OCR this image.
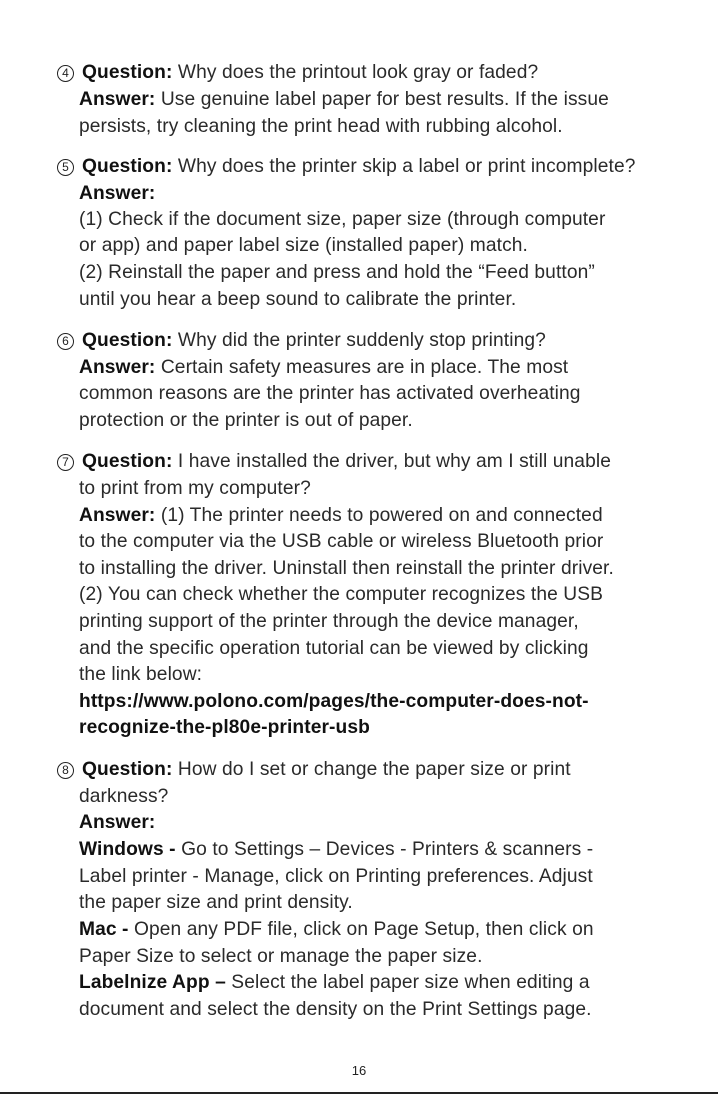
4 Question: Why does the printout look gray or faded?
Answer: Use genuine label paper for best results. If the issue
persists, try cleaning the print head with rubbing alcohol.
5 Question: Why does the printer skip a label or print incomplete?
Answer:
(1) Check if the document size, paper size (through computer
or app) and paper label size (installed paper) match.
(2) Reinstall the paper and press and hold the “Feed button”
until you hear a beep sound to calibrate the printer.
6 Question: Why did the printer suddenly stop printing?
Answer: Certain safety measures are in place. The most
common reasons are the printer has activated overheating
protection or the printer is out of paper.
7 Question: I have installed the driver, but why am I still unable
to print from my computer?
Answer: (1) The printer needs to powered on and connected
to the computer via the USB cable or wireless Bluetooth prior
to installing the driver. Uninstall then reinstall the printer driver.
(2) You can check whether the computer recognizes the USB
printing support of the printer through the device manager,
and the specific operation tutorial can be viewed by clicking
the link below:
https://www.polono.com/pages/the-computer-does-not-
recognize-the-pl80e-printer-usb
8 Question: How do I set or change the paper size or print
darkness?
Answer:
Windows - Go to Settings – Devices - Printers & scanners -
Label printer - Manage, click on Printing preferences. Adjust
the paper size and print density.
Mac - Open any PDF file, click on Page Setup, then click on
Paper Size to select or manage the paper size.
Labelnize App – Select the label paper size when editing a
document and select the density on the Print Settings page.
16
